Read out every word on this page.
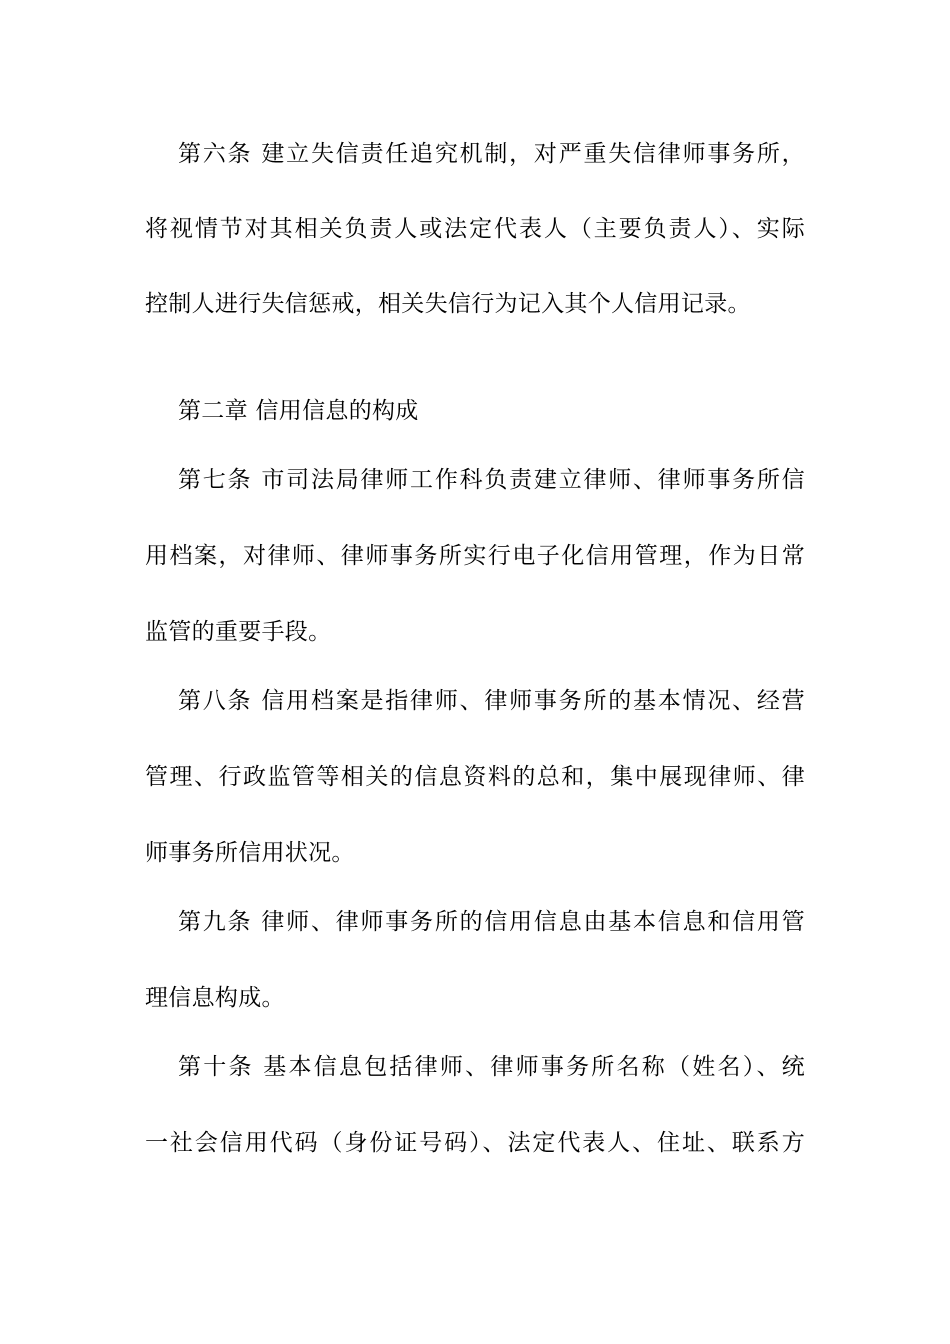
第六条 建立失信责任追究机制，对严重失信律师事务所，
将视情节对其相关负责人或法定代表人（主要负责人）、实际
控制人进行失信惩戒，相关失信行为记入其个人信用记录。
第二章 信用信息的构成
第七条 市司法局律师工作科负责建立律师、律师事务所信
用档案，对律师、律师事务所实行电子化信用管理，作为日常
监管的重要手段。
第八条 信用档案是指律师、律师事务所的基本情况、经营
管理、行政监管等相关的信息资料的总和，集中展现律师、律
师事务所信用状况。
第九条 律师、律师事务所的信用信息由基本信息和信用管
理信息构成。
第十条 基本信息包括律师、律师事务所名称（姓名）、统
一社会信用代码（身份证号码）、法定代表人、住址、联系方
